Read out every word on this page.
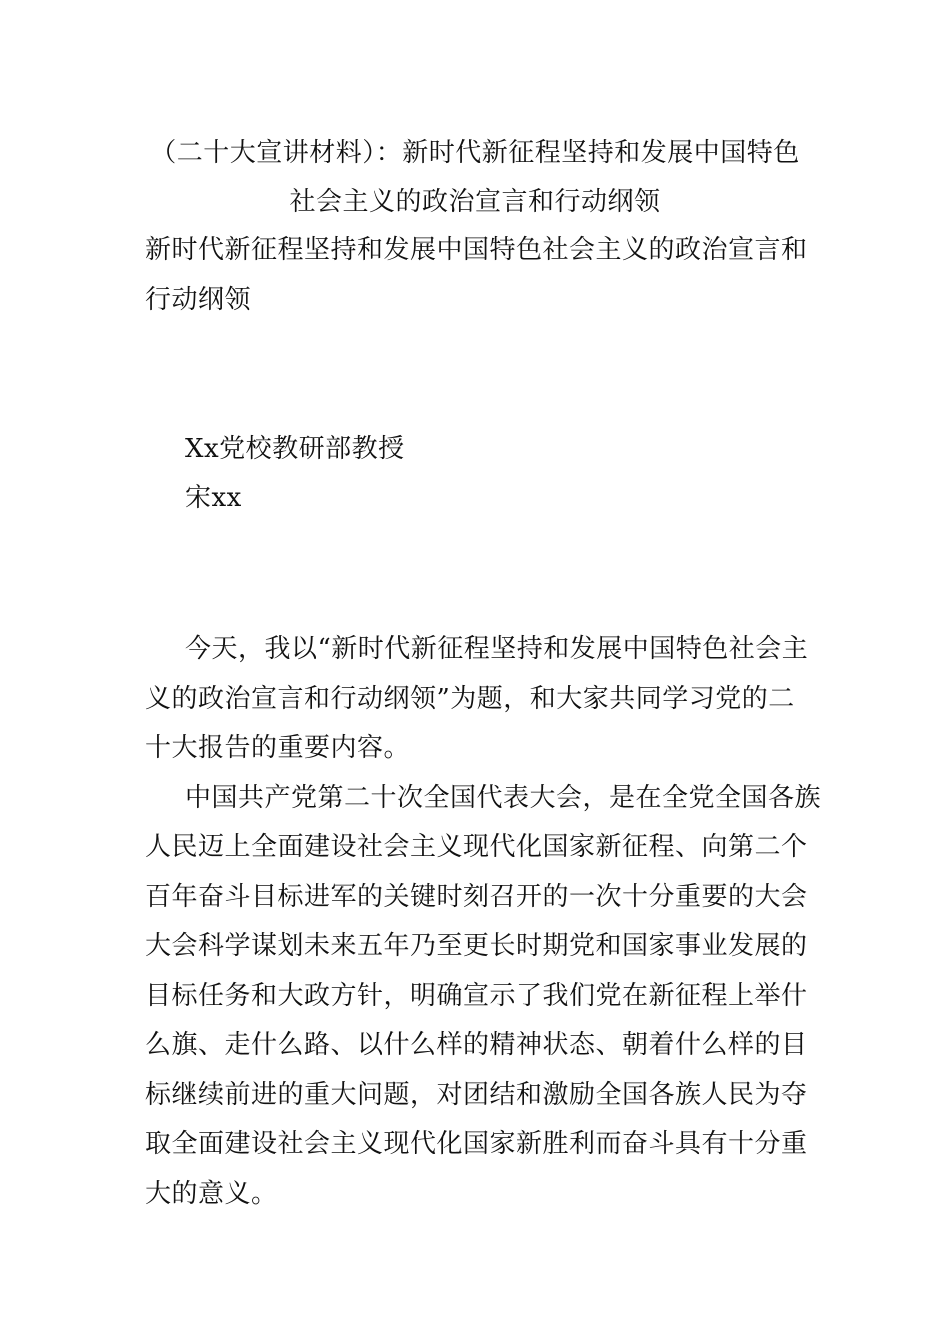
（二十大宣讲材料）：新时代新征程坚持和发展中国特色
社会主义的政治宣言和行动纲领
新时代新征程坚持和发展中国特色社会主义的政治宣言和
行动纲领
Xx党校教研部教授
宋xx
今天，我以“新时代新征程坚持和发展中国特色社会主
义的政治宣言和行动纲领”为题，和大家共同学习党的二
十大报告的重要内容。
中国共产党第二十次全国代表大会，是在全党全国各族
人民迈上全面建设社会主义现代化国家新征程、向第二个
百年奋斗目标进军的关键时刻召开的一次十分重要的大会
大会科学谋划未来五年乃至更长时期党和国家事业发展的
目标任务和大政方针，明确宣示了我们党在新征程上举什
么旗、走什么路、以什么样的精神状态、朝着什么样的目
标继续前进的重大问题，对团结和激励全国各族人民为夺
取全面建设社会主义现代化国家新胜利而奋斗具有十分重
大的意义。
